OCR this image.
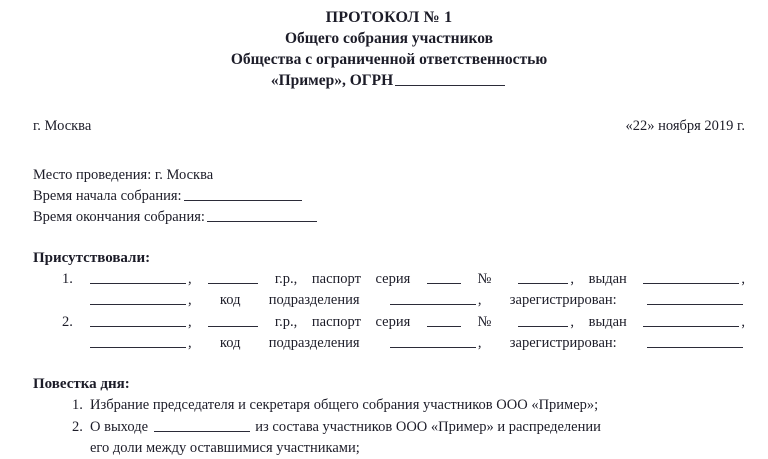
ПРОТОКОЛ № 1
Общего собрания участников
Общества с ограниченной ответственностью
«Пример», ОГРН
г. Москва	«22» ноября 2019 г.
Место проведения: г. Москва
Время начала собрания:
Время окончания собрания:
Присутствовали:
1.	,	г.р., паспорт серия	№	, выдан	,
, код подразделения	, зарегистрирован:
2.	,	г.р., паспорт серия	№	, выдан	,
, код подразделения	, зарегистрирован:
Повестка дня:
1. Избрание председателя и секретаря общего собрания участников ООО «Пример»;
2. О выходе	из состава участников ООО «Пример» и распределении
его доли между оставшимися участниками;
